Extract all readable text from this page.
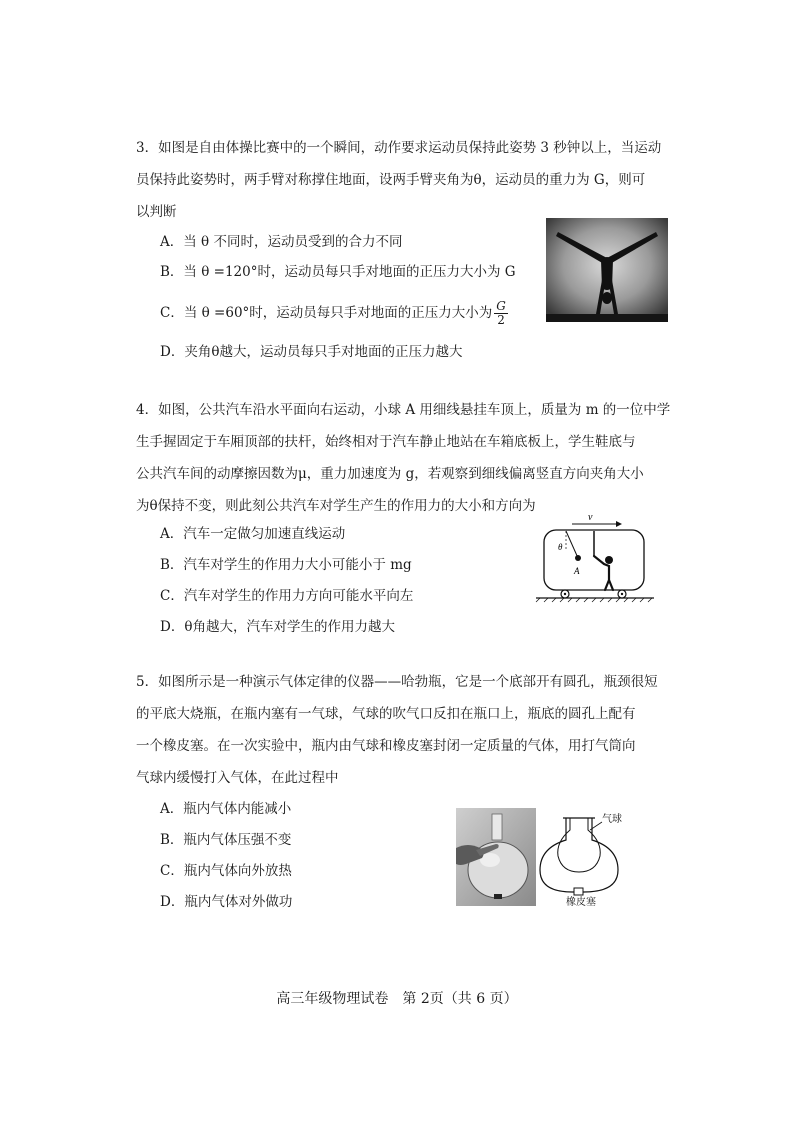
3．如图是自由体操比赛中的一个瞬间，动作要求运动员保持此姿势 3 秒钟以上，当运动
员保持此姿势时，两手臂对称撑住地面，设两手臂夹角为θ，运动员的重力为 G，则可
以判断
A．当 θ 不同时，运动员受到的合力不同
B．当 θ =120°时，运动员每只手对地面的正压力大小为 G
C．当 θ =60°时，运动员每只手对地面的正压力大小为 $\frac{G}{2}$
D．夹角θ越大，运动员每只手对地面的正压力越大
4．如图，公共汽车沿水平面向右运动，小球 A 用细线悬挂车顶上，质量为 m 的一位中学
生手握固定于车厢顶部的扶杆，始终相对于汽车静止地站在车箱底板上，学生鞋底与
公共汽车间的动摩擦因数为μ，重力加速度为 g，若观察到细线偏离竖直方向夹角大小
为θ保持不变，则此刻公共汽车对学生产生的作用力的大小和方向为
A．汽车一定做匀加速直线运动
B．汽车对学生的作用力大小可能小于 mg
C．汽车对学生的作用力方向可能水平向左
D．θ角越大，汽车对学生的作用力越大
v
θ
A
5．如图所示是一种演示气体定律的仪器——哈勃瓶，它是一个底部开有圆孔，瓶颈很短
的平底大烧瓶，在瓶内塞有一气球，气球的吹气口反扣在瓶口上，瓶底的圆孔上配有
一个橡皮塞。在一次实验中，瓶内由气球和橡皮塞封闭一定质量的气体，用打气筒向
气球内缓慢打入气体，在此过程中
A．瓶内气体内能减小
B．瓶内气体压强不变
C．瓶内气体向外放热
D．瓶内气体对外做功
气球
橡皮塞
高三年级物理试卷　第 2页（共 6 页）
